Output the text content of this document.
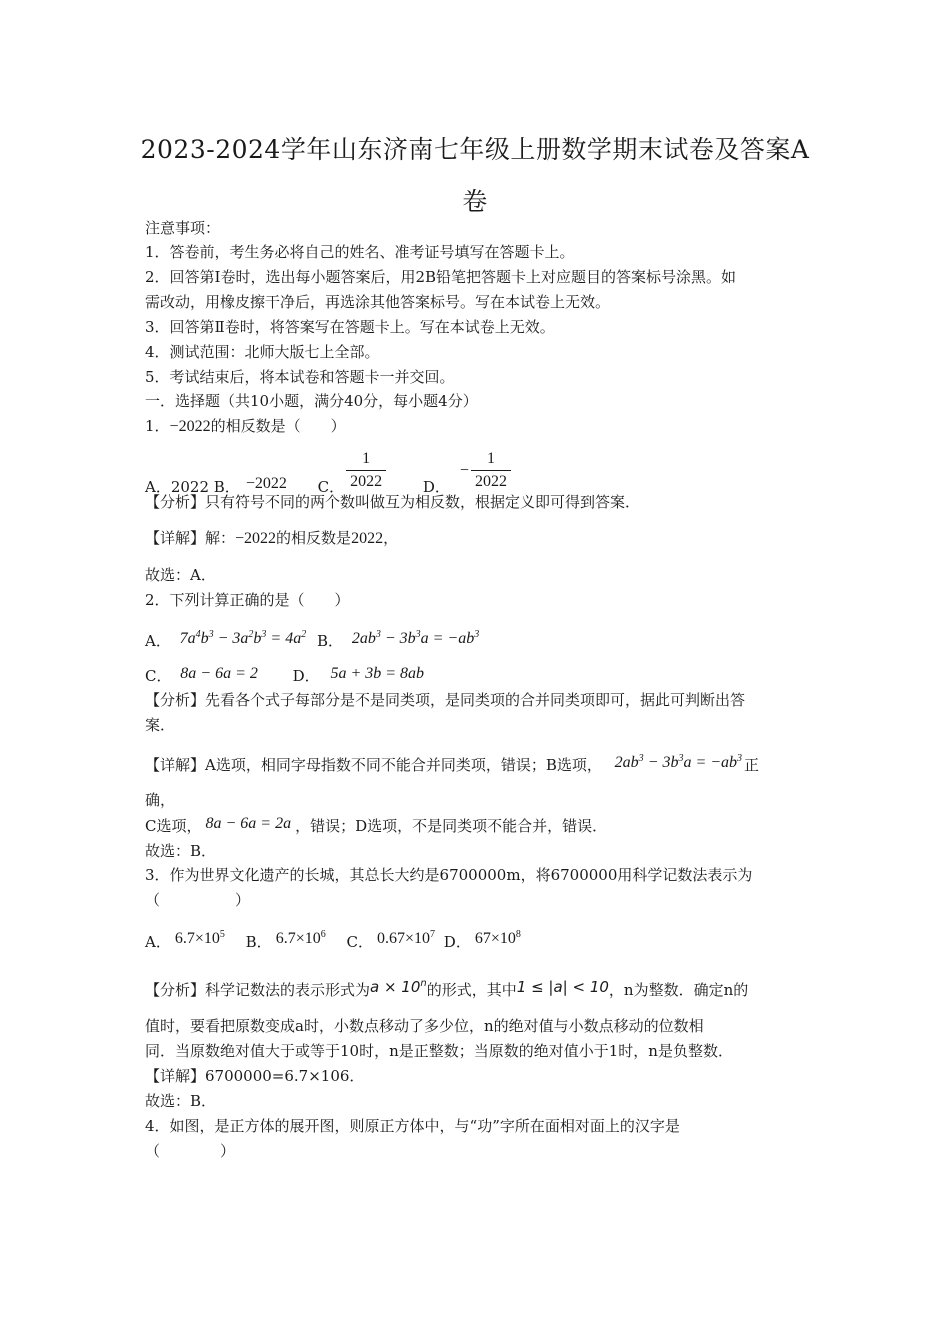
2023-2024学年山东济南七年级上册数学期末试卷及答案A
卷
注意事项：
1．答卷前，考生务必将自己的姓名、准考证号填写在答题卡上。
2．回答第Ⅰ卷时，选出每小题答案后，用2B铅笔把答题卡上对应题目的答案标号涂黑。如
需改动，用橡皮擦干净后，再选涂其他答案标号。写在本试卷上无效。
3．回答第Ⅱ卷时，将答案写在答题卡上。写在本试卷上无效。
4．测试范围：北师大版七上全部。
5．考试结束后，将本试卷和答题卡一并交回。
一．选择题（共10小题，满分40分，每小题4分）
1．−2022的相反数是（　　）
A．2022 B． −2022 C． $\frac{1}{2022}$ D．− $\frac{1}{2022}$
【分析】只有符号不同的两个数叫做互为相反数，根据定义即可得到答案．
【详解】解：−2022的相反数是2022，
故选：A．
2．下列计算正确的是（　　）
A． $7a^4b^3 - 3a^2b^3 = 4a^2$ B． $2ab^3 - 3b^3a = -ab^3$
C． 8a − 6a = 2 D． 5a + 3b = 8ab
【分析】先看各个式子每部分是不是同类项，是同类项的合并同类项即可，据此可判断出答
案．
【详解】A选项，相同字母指数不同不能合并同类项，错误；B选项， $2ab^3 - 3b^3a = -ab^3$ 正
确，
C选项， 8a − 6a = 2a ，错误；D选项，不是同类项不能合并，错误．
故选：B．
3．作为世界文化遗产的长城，其总长大约是6700000m，将6700000用科学记数法表示为
（　　　　　）
A． $6.7\times 10^5$ B． $6.7\times 10^6$ C． $0.67\times 10^7$ D． $67\times 10^8$
【分析】科学记数法的表示形式为$a \times 10^n$的形式，其中1 ≤ |a| < 10，n为整数．确定n的
值时，要看把原数变成a时，小数点移动了多少位，n的绝对值与小数点移动的位数相
同．当原数绝对值大于或等于10时，n是正整数；当原数的绝对值小于1时，n是负整数．
【详解】6700000=6.7×106．
故选：B．
4．如图，是正方体的展开图，则原正方体中，与“功”字所在面相对面上的汉字是
（　　　　）
